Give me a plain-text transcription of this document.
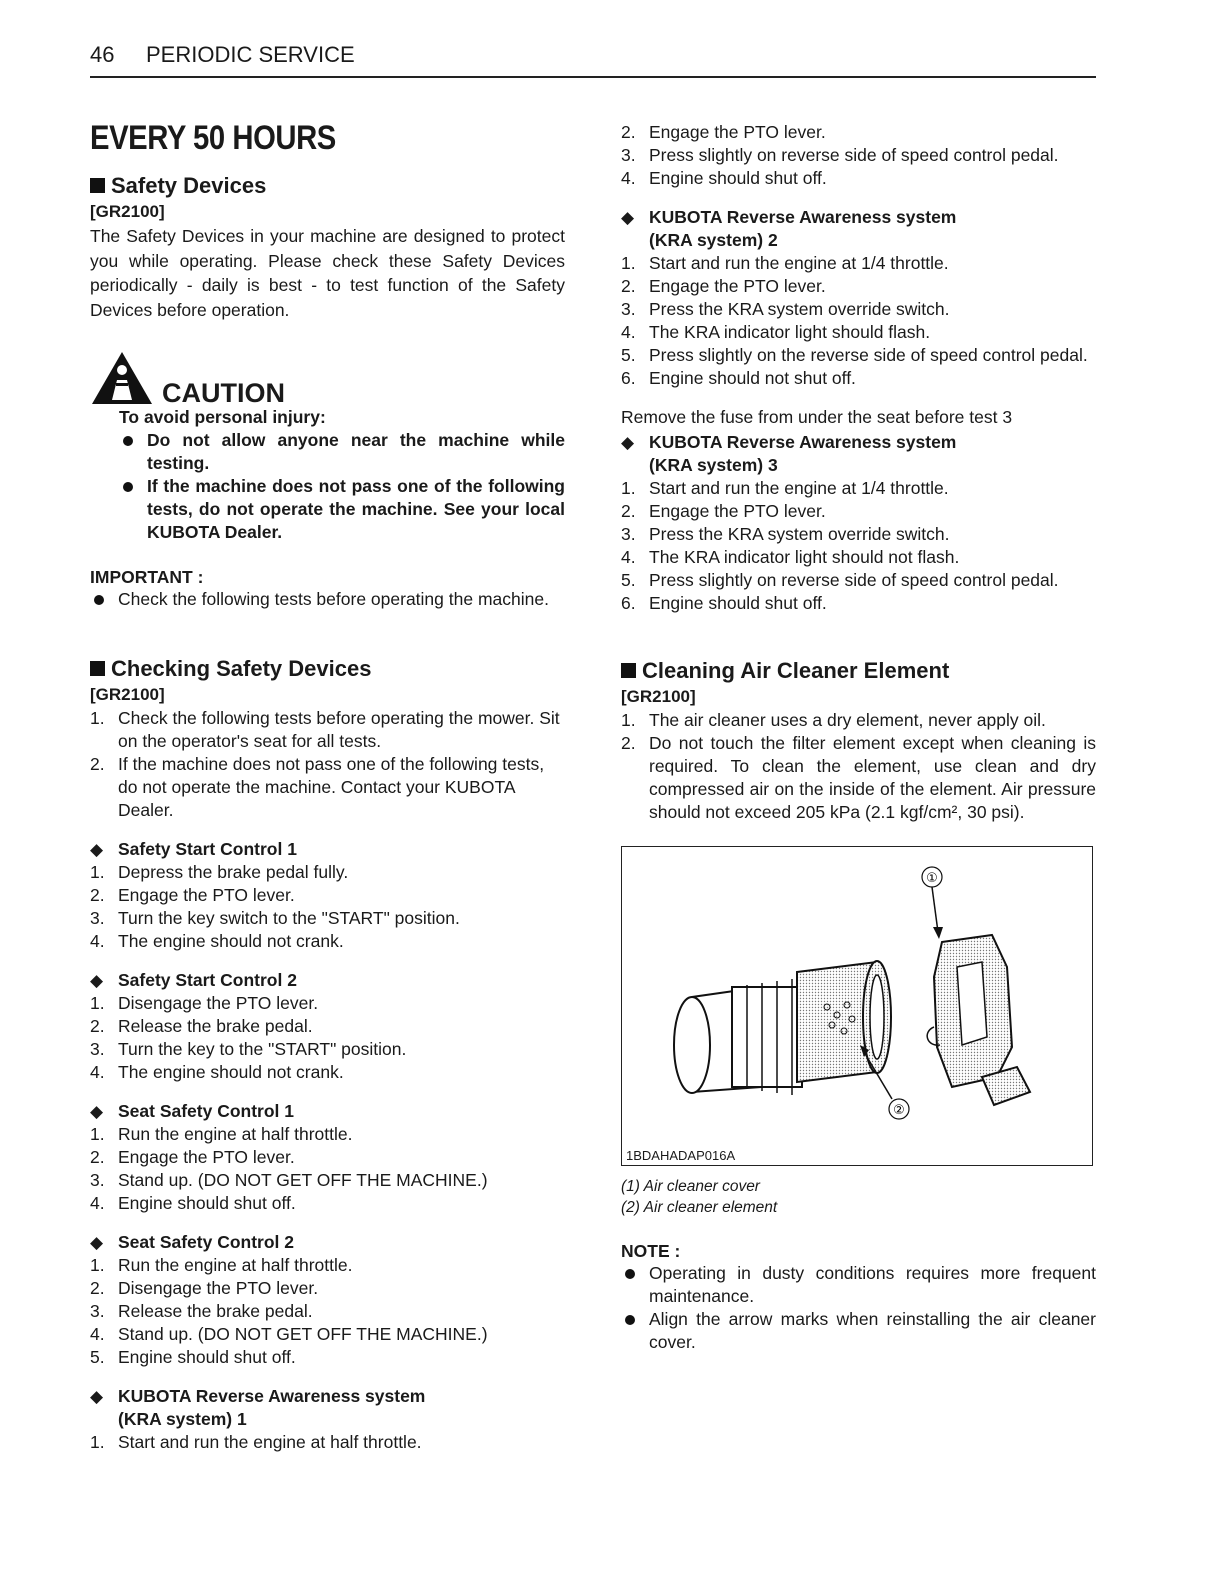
46 PERIODIC SERVICE
EVERY 50 HOURS
Safety Devices
[GR2100]

The Safety Devices in your machine are designed to protect you while operating. Please check these Safety Devices periodically - daily is best - to test function of the Safety Devices before operation.

CAUTION
To avoid personal injury:
Do not allow anyone near the machine while testing.
If the machine does not pass one of the following tests, do not operate the machine. See your local KUBOTA Dealer.
IMPORTANT :
Check the following tests before operating the machine.
Checking Safety Devices
[GR2100]
1. Check the following tests before operating the mower. Sit on the operator's seat for all tests.
2. If the machine does not pass one of the following tests, do not operate the machine. Contact your KUBOTA Dealer.
◆ Safety Start Control 1
1. Depress the brake pedal fully.
2. Engage the PTO lever.
3. Turn the key switch to the "START" position.
4. The engine should not crank.
◆ Safety Start Control 2
1. Disengage the PTO lever.
2. Release the brake pedal.
3. Turn the key to the "START" position.
4. The engine should not crank.
◆ Seat Safety Control 1
1. Run the engine at half throttle.
2. Engage the PTO lever.
3. Stand up. (DO NOT GET OFF THE MACHINE.)
4. Engine should shut off.
◆ Seat Safety Control 2
1. Run the engine at half throttle.
2. Disengage the PTO lever.
3. Release the brake pedal.
4. Stand up. (DO NOT GET OFF THE MACHINE.)
5. Engine should shut off.
◆ KUBOTA Reverse Awareness system (KRA system) 1
1. Start and run the engine at half throttle.
2. Engage the PTO lever.
3. Press slightly on reverse side of speed control pedal.
4. Engine should shut off.
◆ KUBOTA Reverse Awareness system (KRA system) 2
1. Start and run the engine at 1/4 throttle.
2. Engage the PTO lever.
3. Press the KRA system override switch.
4. The KRA indicator light should flash.
5. Press slightly on the reverse side of speed control pedal.
6. Engine should not shut off.
Remove the fuse from under the seat before test 3
◆ KUBOTA Reverse Awareness system (KRA system) 3
1. Start and run the engine at 1/4 throttle.
2. Engage the PTO lever.
3. Press the KRA system override switch.
4. The KRA indicator light should not flash.
5. Press slightly on reverse side of speed control pedal.
6. Engine should shut off.
Cleaning Air Cleaner Element
[GR2100]
1. The air cleaner uses a dry element, never apply oil.
2. Do not touch the filter element except when cleaning is required. To clean the element, use clean and dry compressed air on the inside of the element. Air pressure should not exceed 205 kPa (2.1 kgf/cm², 30 psi).
①
②
1BDAHADAP016A
(1) Air cleaner cover
(2) Air cleaner element
NOTE :
Operating in dusty conditions requires more frequent maintenance.
Align the arrow marks when reinstalling the air cleaner cover.
